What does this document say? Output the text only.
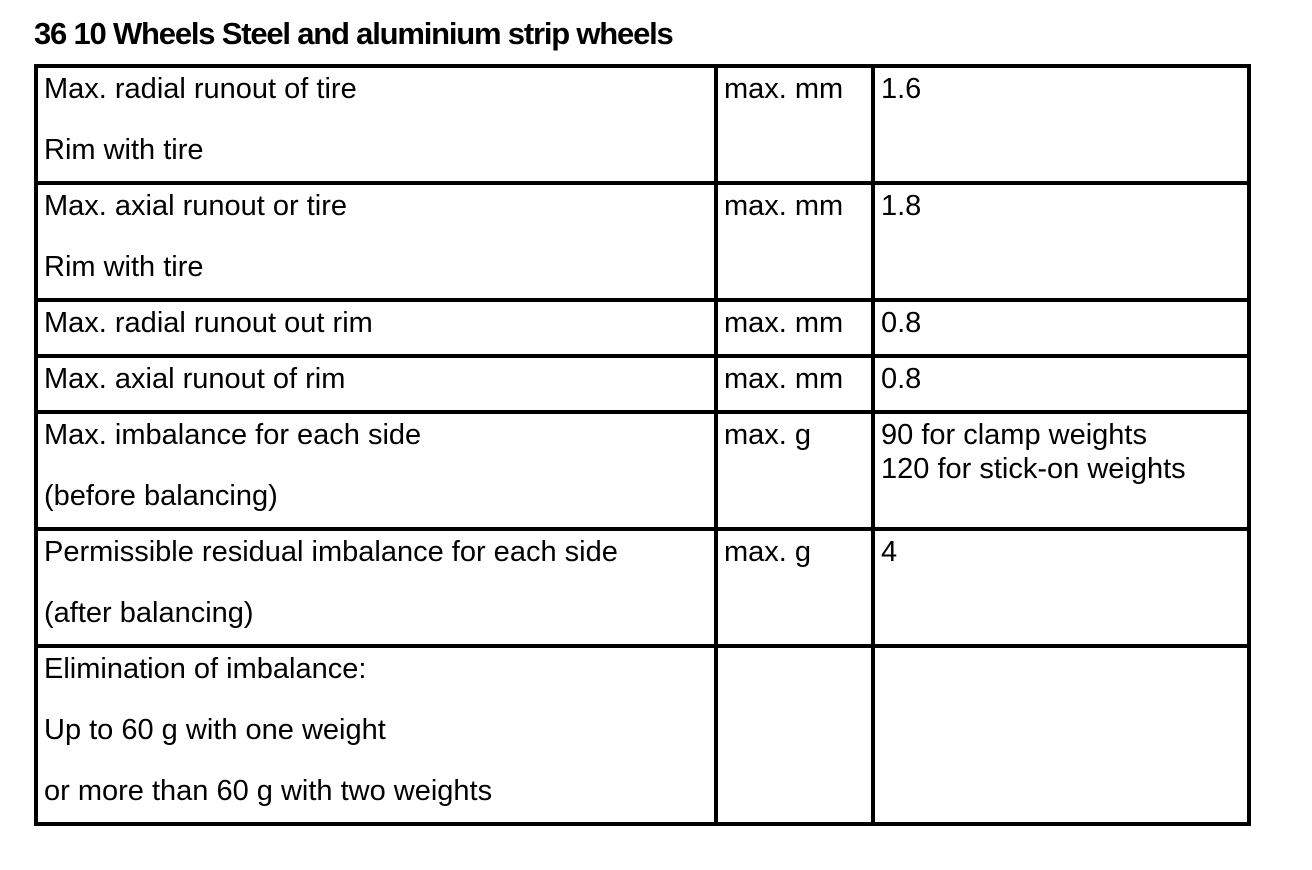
36 10 Wheels Steel and aluminium strip wheels
Max. radial runout of tire
Rim with tire	max. mm	1.6

Max. axial runout or tire
Rim with tire	max. mm	1.8

Max. radial runout out rim	max. mm	0.8

Max. axial runout of rim	max. mm	0.8

Max. imbalance for each side
(before balancing)	max. g	90 for clamp weights
120 for stick-on weights

Permissible residual imbalance for each side
(after balancing)	max. g	4

Elimination of imbalance:
Up to 60 g with one weight
or more than 60 g with two weights		
